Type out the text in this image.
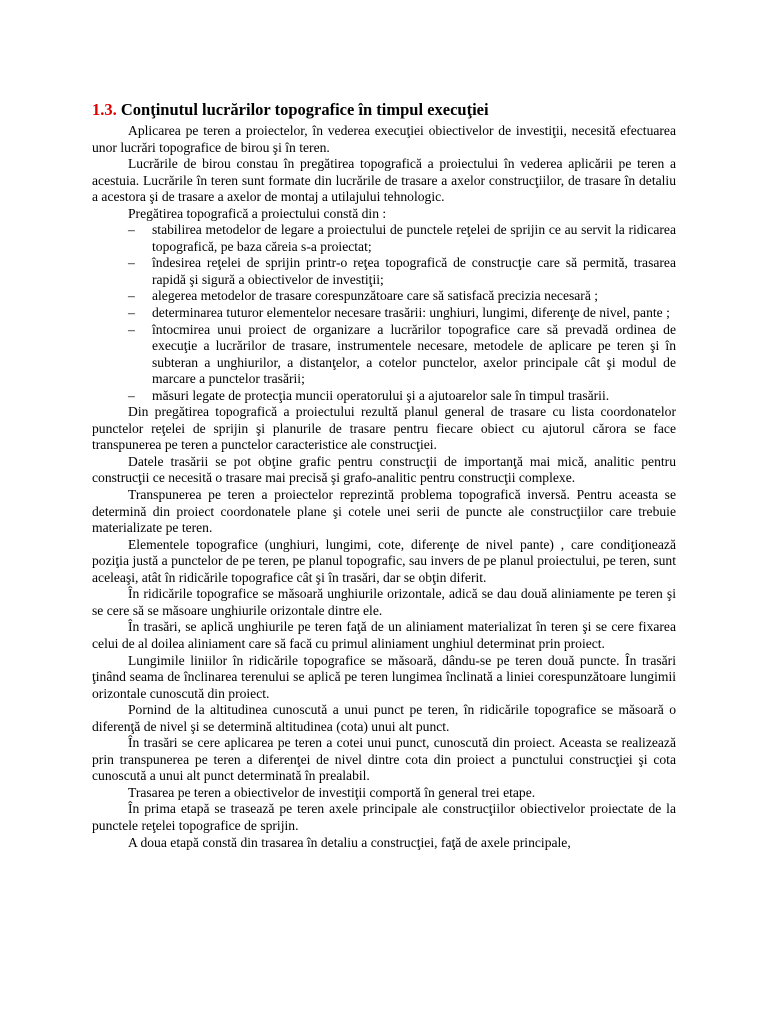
1.3. Conţinutul lucrărilor topografice în timpul execuţiei

Aplicarea pe teren a proiectelor, în vederea execuţiei obiectivelor de investiţii, necesită efectuarea unor lucrări topografice de birou şi în teren.

Lucrările de birou constau în pregătirea topografică a proiectului în vederea aplicării pe teren a acestuia. Lucrările în teren sunt formate din lucrările de trasare a axelor construcţiilor, de trasare în detaliu a acestora şi de trasare a axelor de montaj a utilajului tehnologic.

Pregătirea topografică a proiectului constă din :

– stabilirea metodelor de legare a proiectului de punctele reţelei de sprijin ce au servit la ridicarea topografică, pe baza căreia s-a proiectat;
– îndesirea reţelei de sprijin printr-o reţea topografică de construcţie care să permită, trasarea rapidă şi sigură a obiectivelor de investiţii;
– alegerea metodelor de trasare corespunzătoare care să satisfacă precizia necesară ;
– determinarea tuturor elementelor necesare trasării: unghiuri, lungimi, diferenţe de nivel, pante ;
– întocmirea unui proiect de organizare a lucrărilor topografice care să prevadă ordinea de execuţie a lucrărilor de trasare, instrumentele necesare, metodele de aplicare pe teren şi în subteran a unghiurilor, a distanţelor, a cotelor punctelor, axelor principale cât şi modul de marcare a punctelor trasării;
– măsuri legate de protecţia muncii operatorului şi a ajutoarelor sale în timpul trasării.

Din pregătirea topografică a proiectului rezultă planul general de trasare cu lista coordonatelor punctelor reţelei de sprijin şi planurile de trasare pentru fiecare obiect cu ajutorul cărora se face transpunerea pe teren a punctelor caracteristice ale construcţiei.

Datele trasării se pot obţine grafic pentru construcţii de importanţă mai mică, analitic pentru construcţii ce necesită o trasare mai precisă şi grafo-analitic pentru construcţii complexe.

Transpunerea pe teren a proiectelor reprezintă problema topografică inversă. Pentru aceasta se determină din proiect coordonatele plane şi cotele unei serii de puncte ale construcţiilor care trebuie materializate pe teren.

Elementele topografice (unghiuri, lungimi, cote, diferenţe de nivel pante) , care condiţionează poziţia justă a punctelor de pe teren, pe planul topografic, sau invers de pe planul proiectului, pe teren, sunt aceleaşi, atât în ridicările topografice cât şi în trasări, dar se obţin diferit.

În ridicările topografice se măsoară unghiurile orizontale, adică se dau două aliniamente pe teren şi se cere să se măsoare unghiurile orizontale dintre ele.

În trasări, se aplică unghiurile pe teren faţă de un aliniament materializat în teren şi se cere fixarea celui de al doilea aliniament care să facă cu primul aliniament unghiul determinat prin proiect.

Lungimile liniilor în ridicările topografice se măsoară, dându-se pe teren două puncte. În trasări ţinând seama de înclinarea terenului se aplică pe teren lungimea înclinată a liniei corespunzătoare lungimii orizontale cunoscută din proiect.

Pornind de la altitudinea cunoscută a unui punct pe teren, în ridicările topografice se măsoară o diferenţă de nivel şi se determină altitudinea (cota) unui alt punct.

În trasări se cere aplicarea pe teren a cotei unui punct, cunoscută din proiect. Aceasta se realizează prin transpunerea pe teren a diferenţei de nivel dintre cota din proiect a punctului construcţiei şi cota cunoscută a unui alt punct determinată în prealabil.

Trasarea pe teren a obiectivelor de investiţii comportă în general trei etape.

În prima etapă se trasează pe teren axele principale ale construcţiilor obiectivelor proiectate de la punctele reţelei topografice de sprijin.

A doua etapă constă din trasarea în detaliu a construcţiei, faţă de axele principale,
